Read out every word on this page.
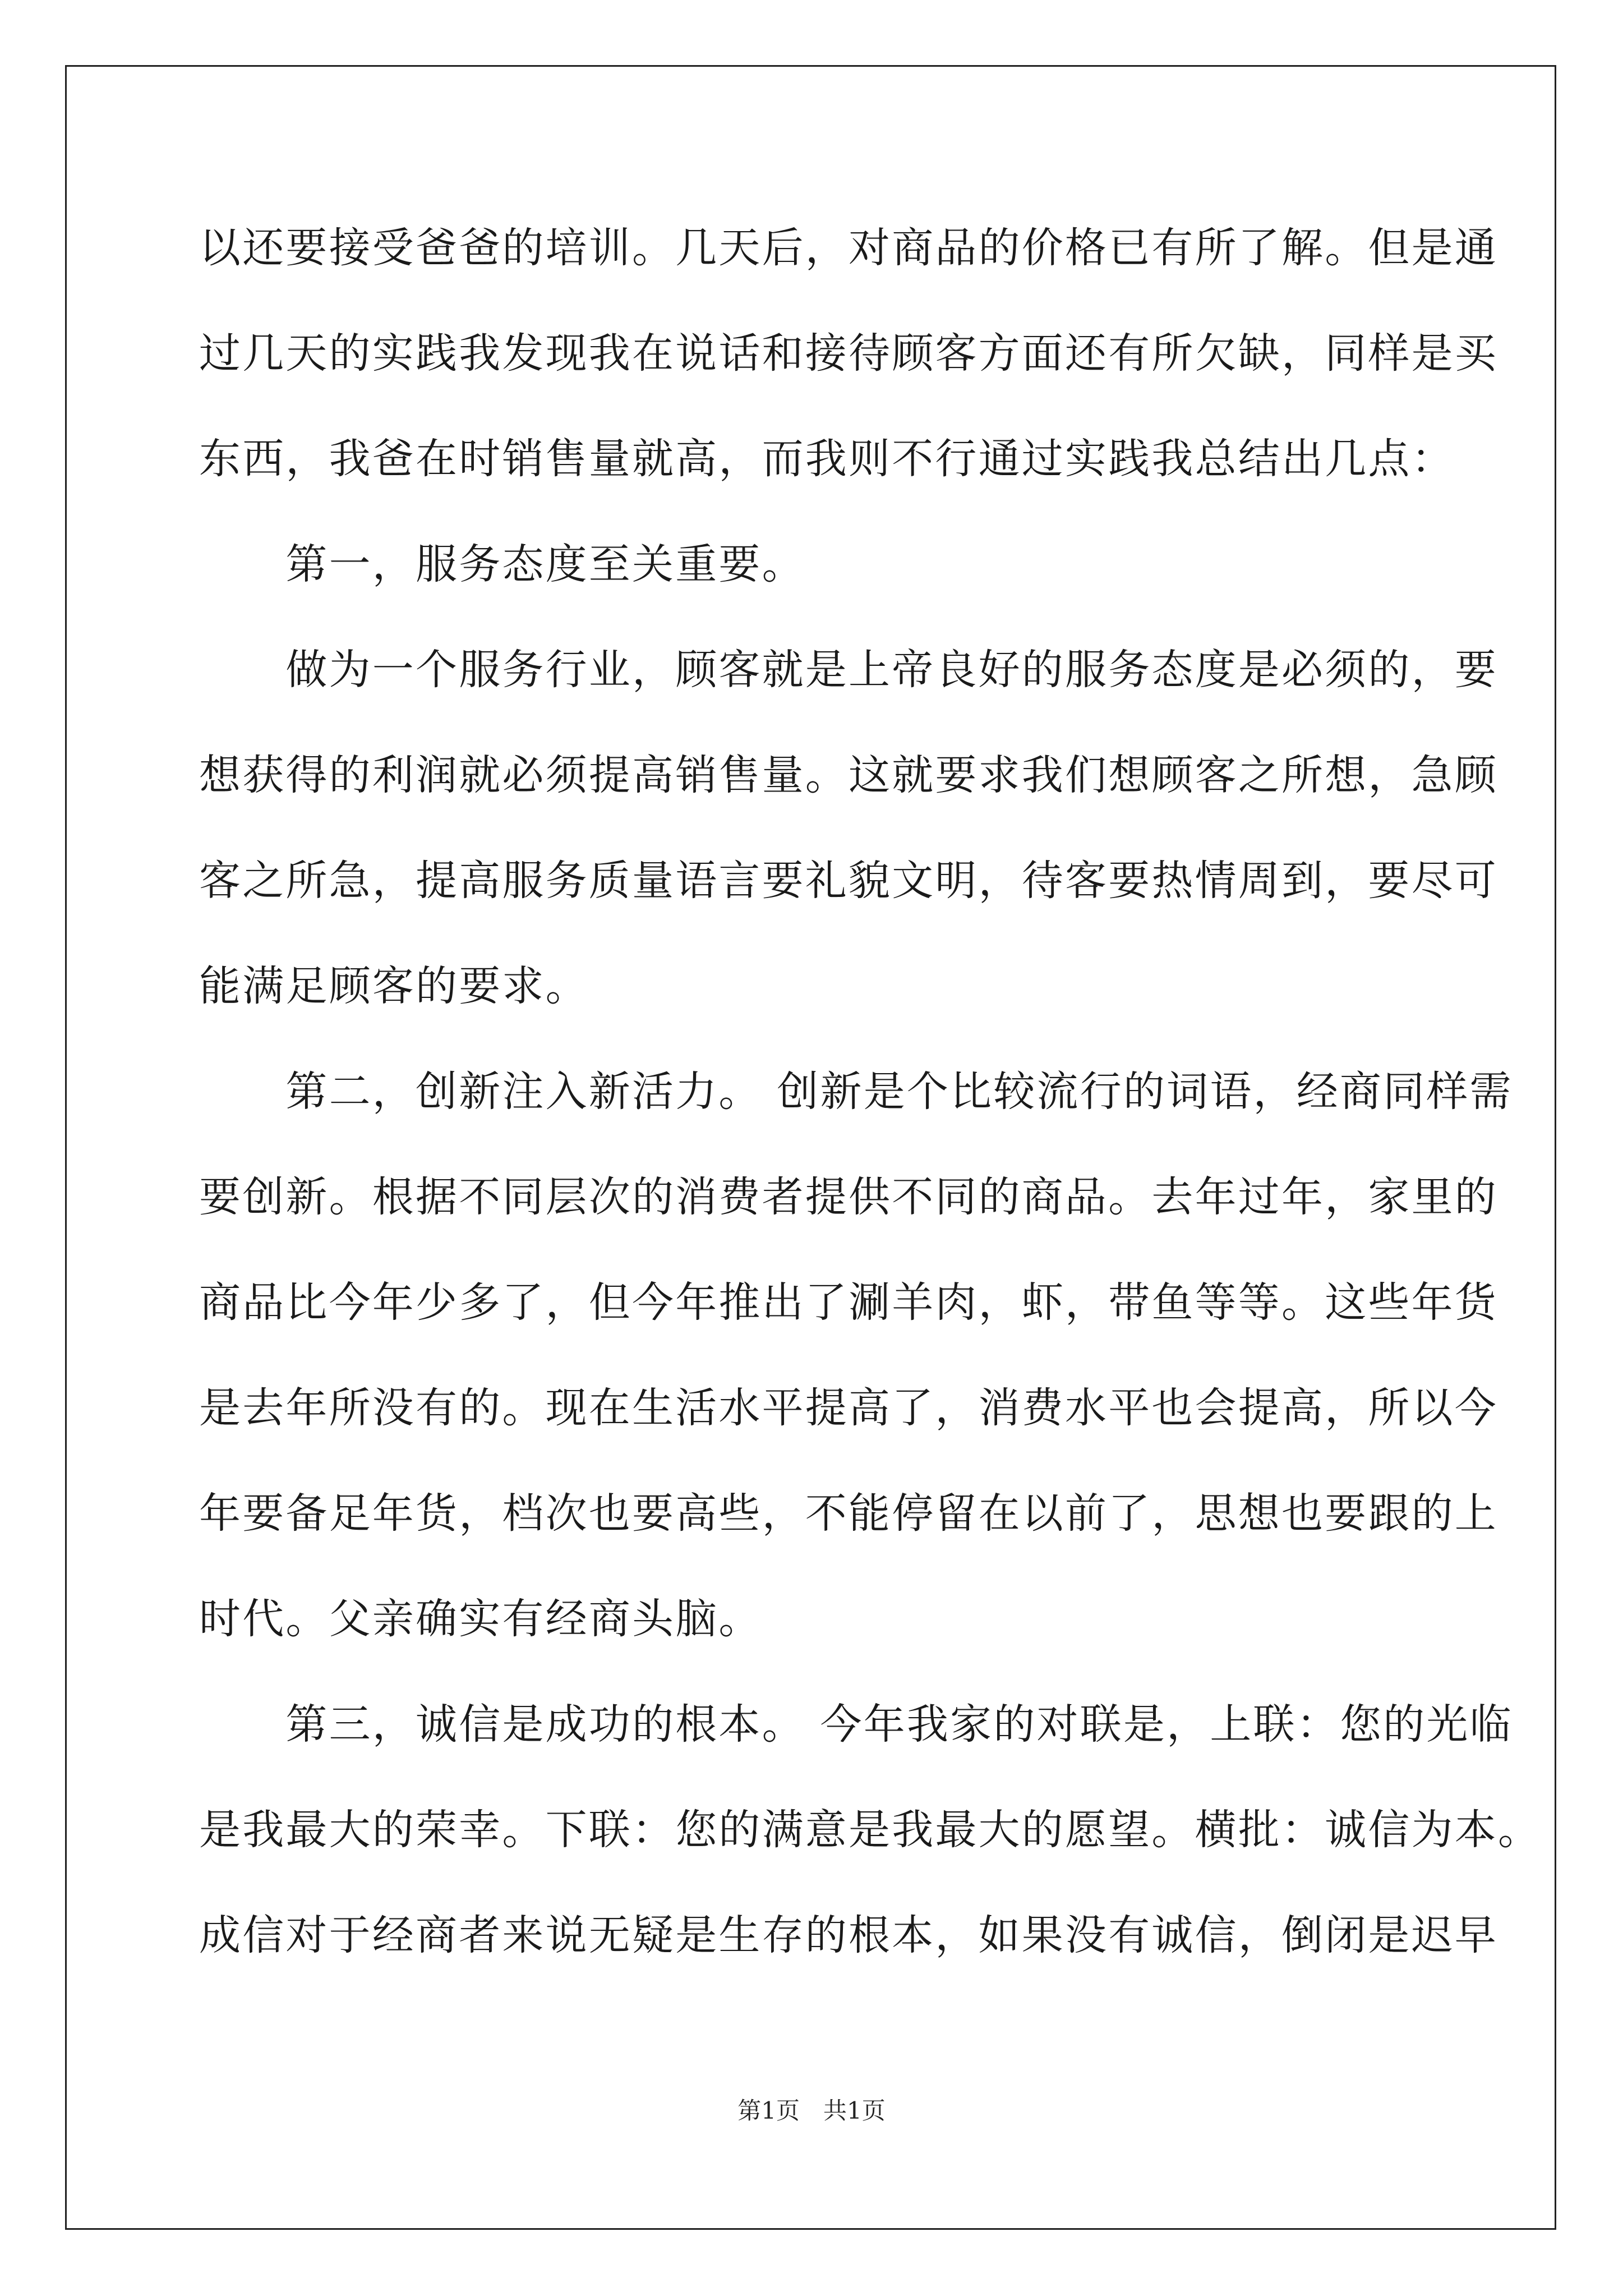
以还要接受爸爸的培训。几天后，对商品的价格已有所了解。但是通
过几天的实践我发现我在说话和接待顾客方面还有所欠缺，同样是买
东西，我爸在时销售量就高，而我则不行通过实践我总结出几点：
　　第一，服务态度至关重要。
　　做为一个服务行业，顾客就是上帝良好的服务态度是必须的，要
想获得的利润就必须提高销售量。这就要求我们想顾客之所想，急顾
客之所急，提高服务质量语言要礼貌文明，待客要热情周到，要尽可
能满足顾客的要求。
　　第二，创新注入新活力。 创新是个比较流行的词语，经商同样需
要创新。根据不同层次的消费者提供不同的商品。去年过年，家里的
商品比今年少多了，但今年推出了涮羊肉，虾，带鱼等等。这些年货
是去年所没有的。现在生活水平提高了，消费水平也会提高，所以今
年要备足年货，档次也要高些，不能停留在以前了，思想也要跟的上
时代。父亲确实有经商头脑。
　　第三，诚信是成功的根本。 今年我家的对联是，上联：您的光临
是我最大的荣幸。下联：您的满意是我最大的愿望。横批：诚信为本。
成信对于经商者来说无疑是生存的根本，如果没有诚信，倒闭是迟早
第1页　共1页
